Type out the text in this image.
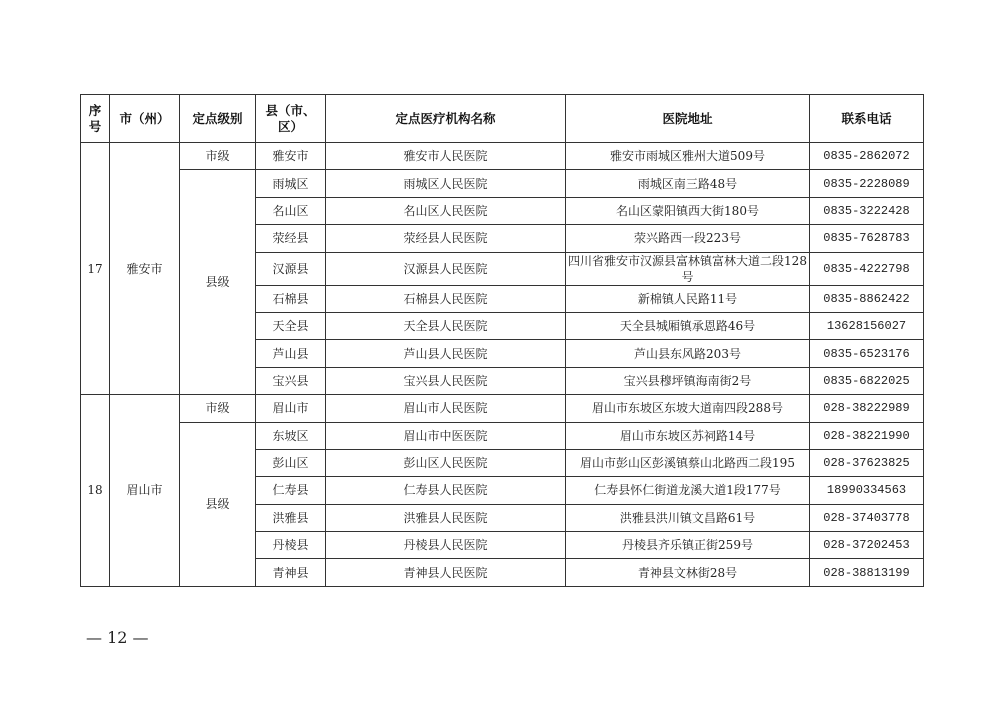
序号	市（州）	定点级别	县（市、区）	定点医疗机构名称	医院地址	联系电话
17	雅安市	市级	雅安市	雅安市人民医院	雅安市雨城区雅州大道509号	0835-2862072
		县级	雨城区	雨城区人民医院	雨城区南三路48号	0835-2228089
			名山区	名山区人民医院	名山区蒙阳镇西大街180号	0835-3222428
			荥经县	荥经县人民医院	荥兴路西一段223号	0835-7628783
			汉源县	汉源县人民医院	四川省雅安市汉源县富林镇富林大道二段128号	0835-4222798
			石棉县	石棉县人民医院	新棉镇人民路11号	0835-8862422
			天全县	天全县人民医院	天全县城厢镇承恩路46号	13628156027
			芦山县	芦山县人民医院	芦山县东风路203号	0835-6523176
			宝兴县	宝兴县人民医院	宝兴县穆坪镇海南街2号	0835-6822025
18	眉山市	市级	眉山市	眉山市人民医院	眉山市东坡区东坡大道南四段288号	028-38222989
		县级	东坡区	眉山市中医医院	眉山市东坡区苏祠路14号	028-38221990
			彭山区	彭山区人民医院	眉山市彭山区彭溪镇蔡山北路西二段195	028-37623825
			仁寿县	仁寿县人民医院	仁寿县怀仁街道龙溪大道1段177号	18990334563
			洪雅县	洪雅县人民医院	洪雅县洪川镇文昌路61号	028-37403778
			丹棱县	丹棱县人民医院	丹棱县齐乐镇正街259号	028-37202453
			青神县	青神县人民医院	青神县文林街28号	028-38813199
— 12 —
